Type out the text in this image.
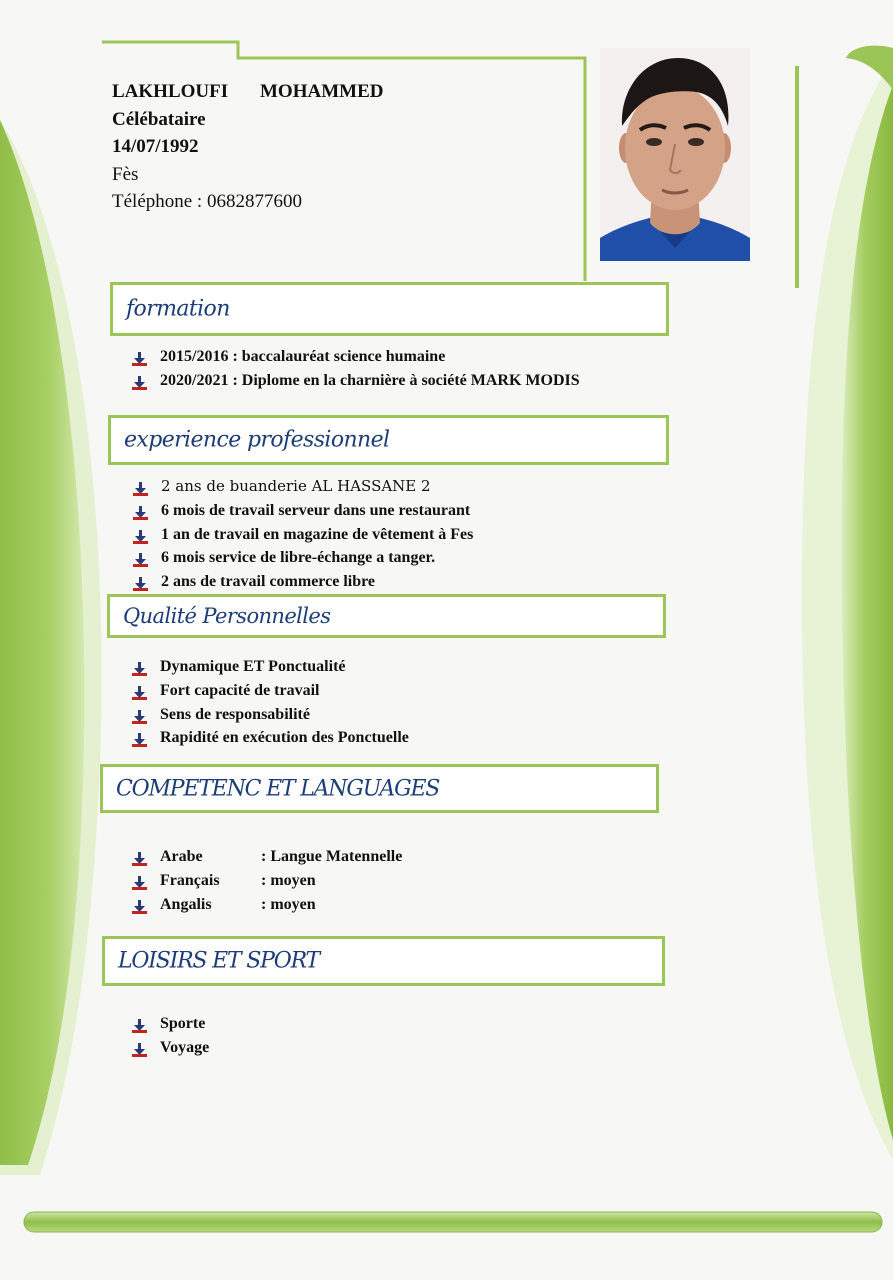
LAKHLOUFI MOHAMMED
Célébataire
14/07/1992
Fès
Téléphone : 0682877600
formation
2015/2016 : baccalauréat science humaine
2020/2021 : Diplome en la charnière à société MARK MODIS
experience professionnel
2 ans de buanderie AL HASSANE 2
6 mois de travail serveur dans une restaurant
1 an de travail en magazine de vêtement à Fes
6 mois service de libre-échange a tanger.
2 ans de travail commerce libre
Qualité Personnelles
Dynamique ET Ponctualité
Fort capacité de travail
Sens de responsabilité
Rapidité en exécution des Ponctuelle
COMPETENC ET LANGUAGES
Arabe	: Langue Matennelle
Français	: moyen
Angalis	: moyen
LOISIRS ET SPORT
Sporte
Voyage
